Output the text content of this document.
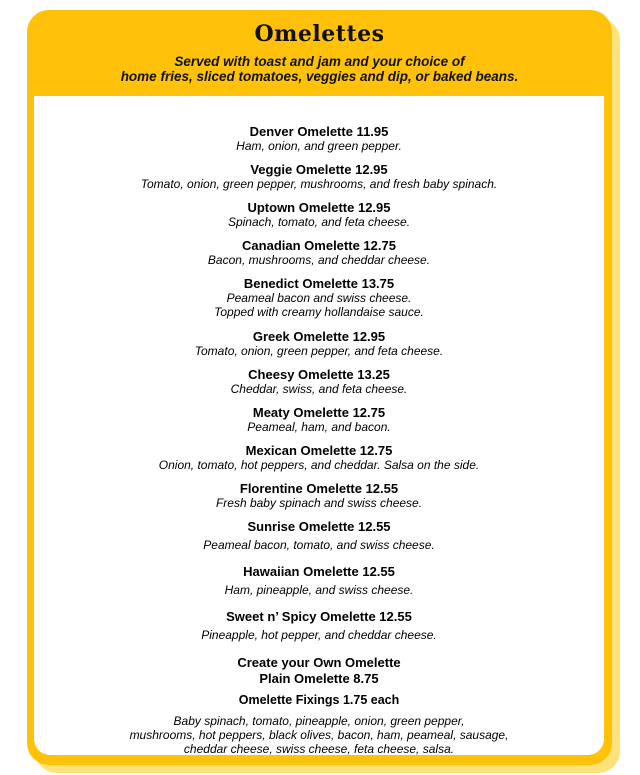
Omelettes
Served with toast and jam and your choice of
home fries, sliced tomatoes, veggies and dip, or baked beans.
Denver Omelette 11.95
Ham, onion, and green pepper.
Veggie Omelette 12.95
Tomato, onion, green pepper, mushrooms, and fresh baby spinach.
Uptown Omelette 12.95
Spinach, tomato, and feta cheese.
Canadian Omelette 12.75
Bacon, mushrooms, and cheddar cheese.
Benedict Omelette 13.75
Peameal bacon and swiss cheese.
Topped with creamy hollandaise sauce.
Greek Omelette 12.95
Tomato, onion, green pepper, and feta cheese.
Cheesy Omelette 13.25
Cheddar, swiss, and feta cheese.
Meaty Omelette 12.75
Peameal, ham, and bacon.
Mexican Omelette 12.75
Onion, tomato, hot peppers, and cheddar. Salsa on the side.
Florentine Omelette 12.55
Fresh baby spinach and swiss cheese.
Sunrise Omelette 12.55
Peameal bacon, tomato, and swiss cheese.
Hawaiian Omelette 12.55
Ham, pineapple, and swiss cheese.
Sweet n’ Spicy Omelette 12.55
Pineapple, hot pepper, and cheddar cheese.
Create your Own Omelette
Plain Omelette 8.75
Omelette Fixings 1.75 each
Baby spinach, tomato, pineapple, onion, green pepper,
mushrooms, hot peppers, black olives, bacon, ham, peameal, sausage,
cheddar cheese, swiss cheese, feta cheese, salsa.
